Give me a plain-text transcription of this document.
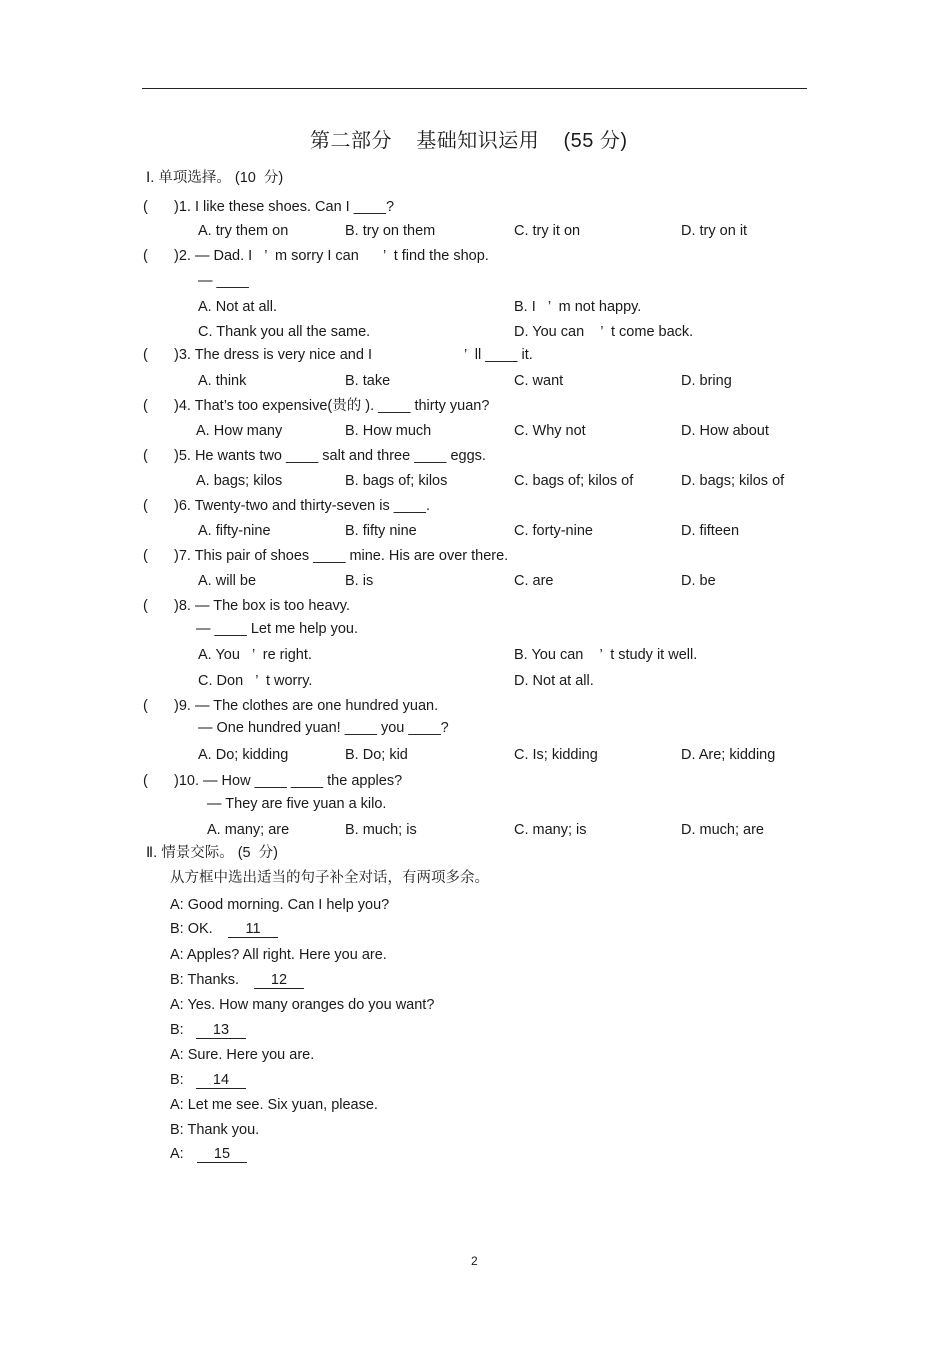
第二部分    基础知识运用    (55 分)
Ⅰ. 单项选择。 (10  分)
( )1. I like these shoes. Can I ____?
A. try them on	B. try on them	C. try it on	D. try on it
( )2. — Dad. I   ’  m sorry I can      ’  t find the shop.
— ____
A. Not at all.	B. I   ’  m not happy.
C. Thank you all the same.	D. You can    ’  t come back.
( )3. The dress is very nice and I	’  ll ____ it.
A. think	B. take	C. want	D. bring
( )4. That’s too expensive(贵的 ). ____ thirty yuan?
A. How many	B. How much	C. Why not	D. How about
( )5. He wants two ____ salt and three ____ eggs.
A. bags; kilos	B. bags of; kilos	C. bags of; kilos of	D. bags; kilos of
( )6. Twenty-two and thirty-seven is ____.
A. fifty-nine	B. fifty nine	C. forty-nine	D. fifteen
( )7. This pair of shoes ____ mine. His are over there.
A. will be	B. is	C. are	D. be
( )8. — The box is too heavy.
— ____ Let me help you.
A. You   ’  re right.	B. You can    ’  t study it well.
C. Don   ’  t worry.	D. Not at all.
( )9. — The clothes are one hundred yuan.
— One hundred yuan! ____ you ____?
A. Do; kidding	B. Do; kid	C. Is; kidding	D. Are; kidding
( )10. — How ____ ____ the apples?
— They are five yuan a kilo.
A. many; are	B. much; is	C. many; is	D. much; are
Ⅱ. 情景交际。 (5  分)
从方框中选出适当的句子补全对话，有两项多余。
A: Good morning. Can I help you?
B: OK.	11
A: Apples? All right. Here you are.
B: Thanks.	12
A: Yes. How many oranges do you want?
B:	13
A: Sure. Here you are.
B:	14
A: Let me see. Six yuan, please.
B: Thank you.
A:	15
2
